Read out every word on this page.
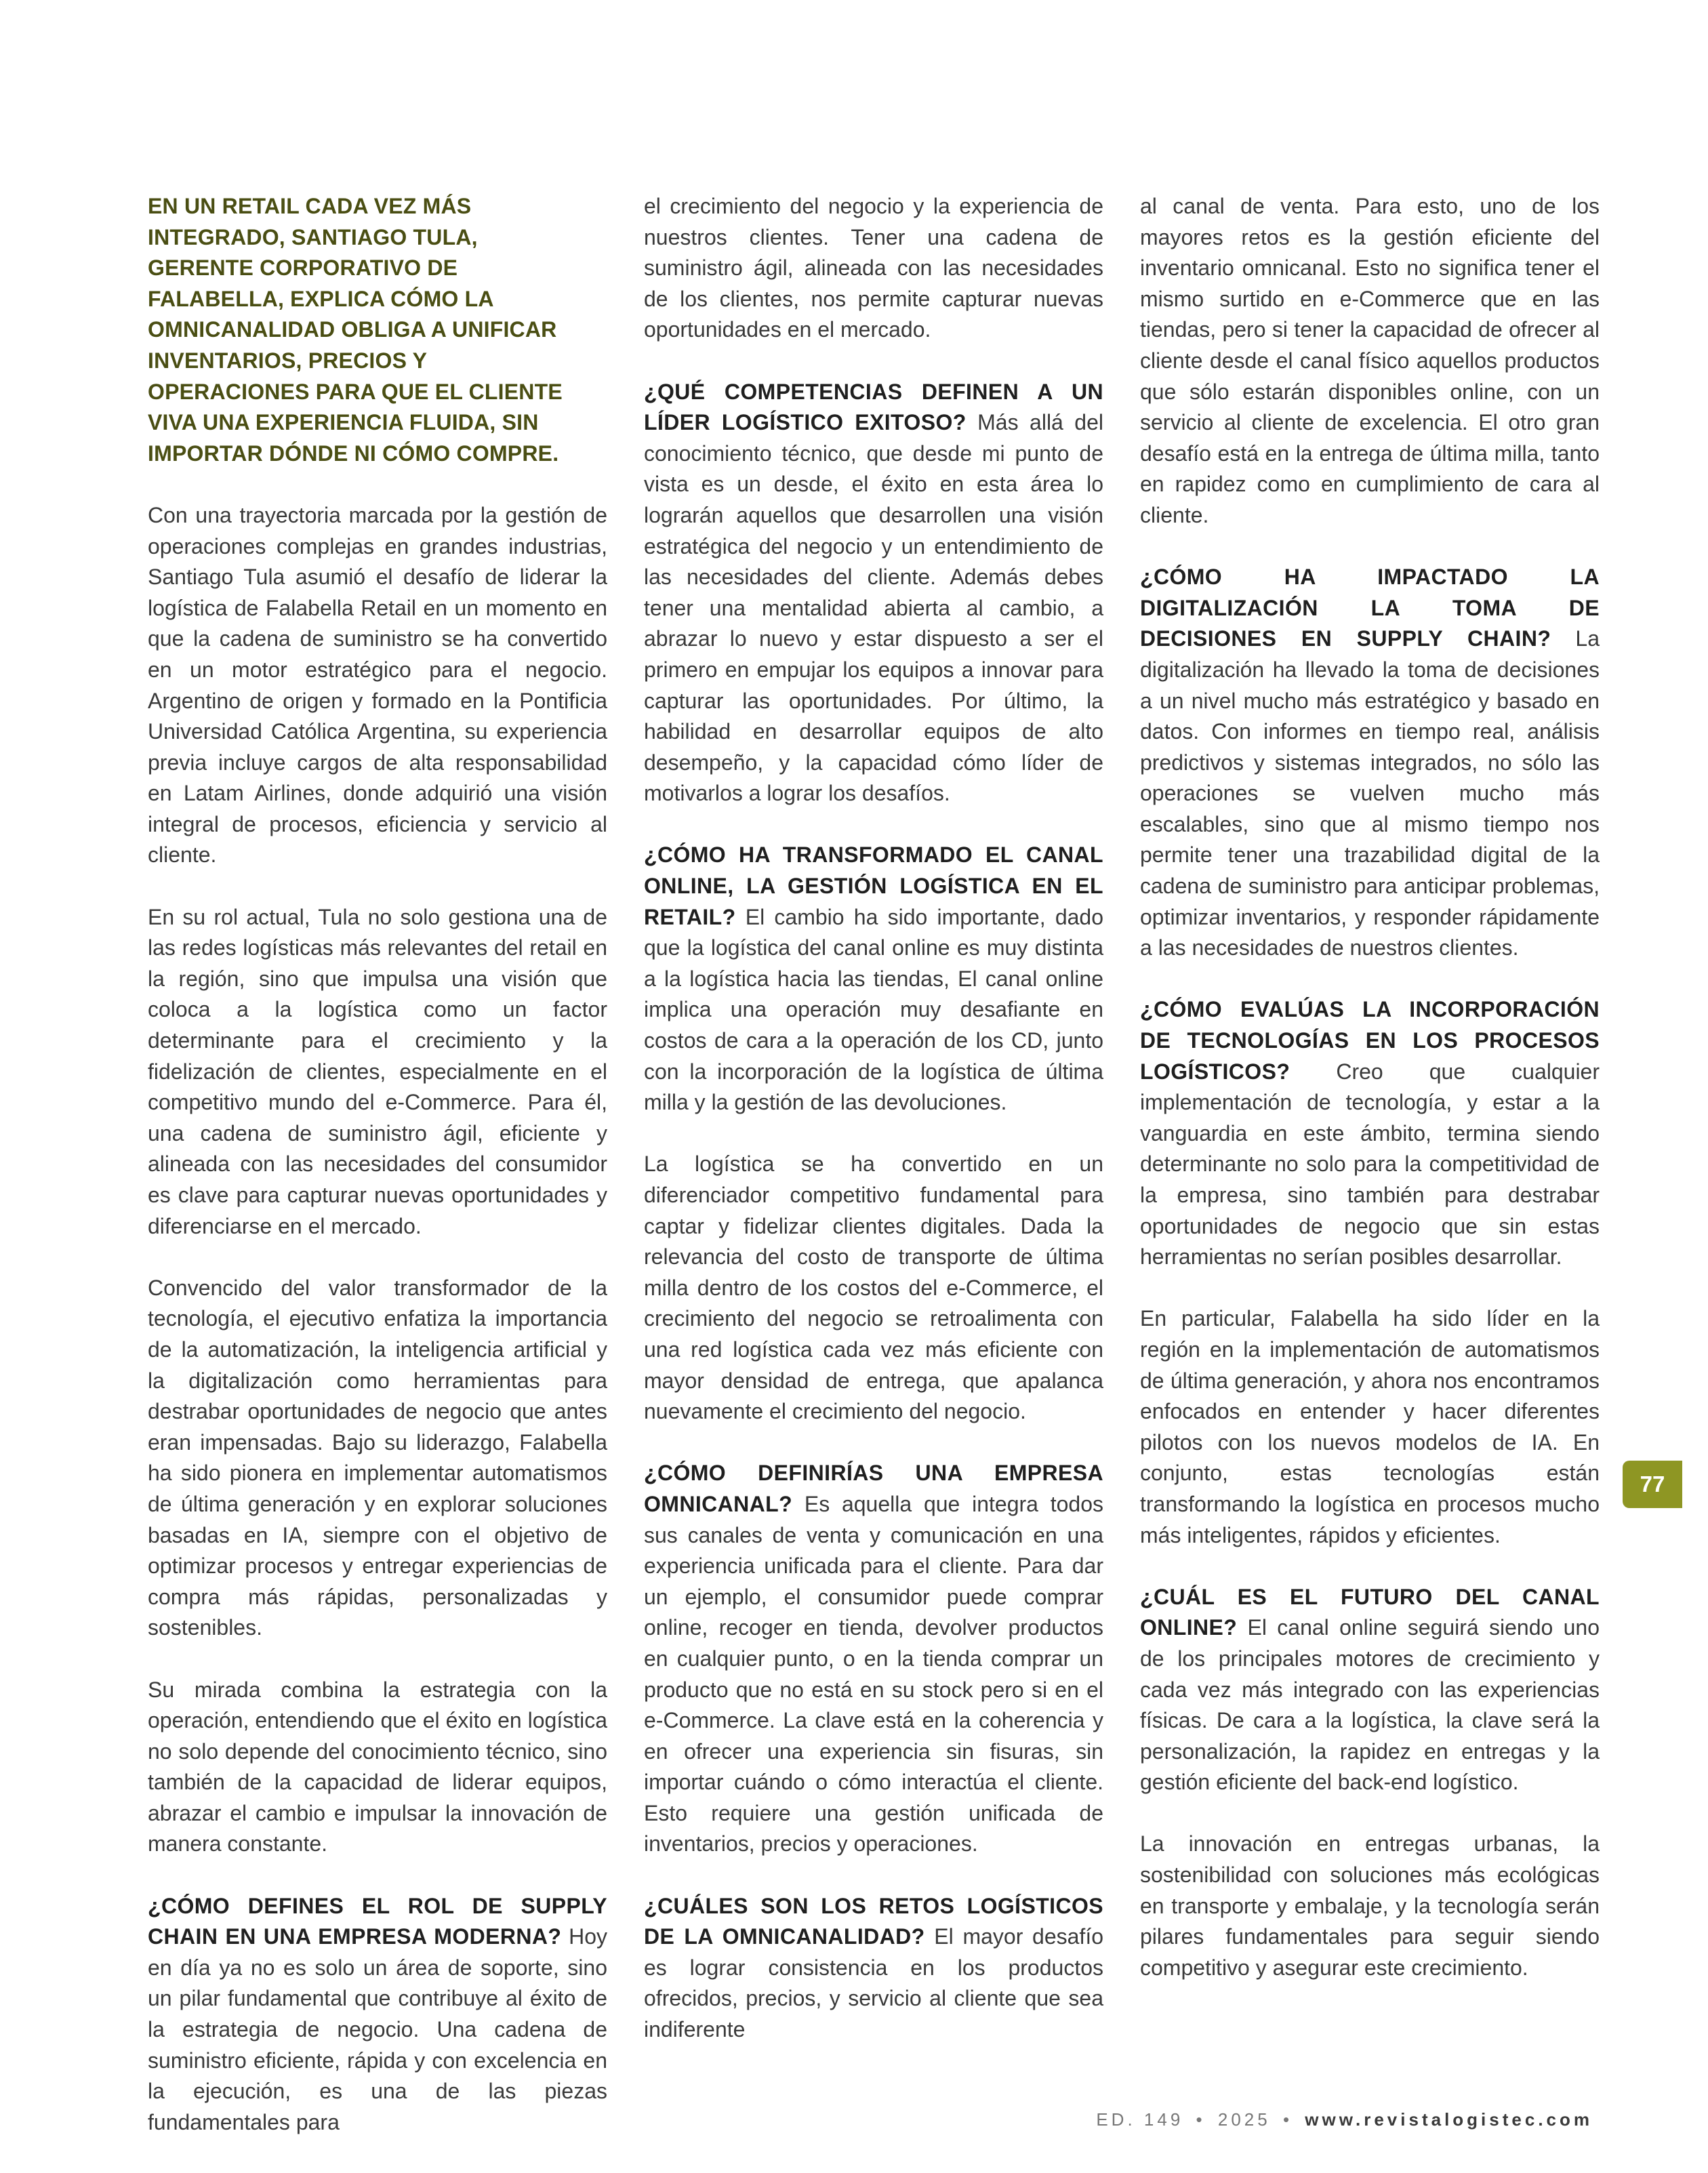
EN UN RETAIL CADA VEZ MÁS INTEGRADO, SANTIAGO TULA, GERENTE CORPORATIVO DE FALABELLA, EXPLICA CÓMO LA OMNICANALIDAD OBLIGA A UNIFICAR INVENTARIOS, PRECIOS Y OPERACIONES PARA QUE EL CLIENTE VIVA UNA EXPERIENCIA FLUIDA, SIN IMPORTAR DÓNDE NI CÓMO COMPRE.

Con una trayectoria marcada por la gestión de operaciones complejas en grandes industrias, Santiago Tula asumió el desafío de liderar la logística de Falabella Retail en un momento en que la cadena de suministro se ha convertido en un motor estratégico para el negocio. Argentino de origen y formado en la Pontificia Universidad Católica Argentina, su experiencia previa incluye cargos de alta responsabilidad en Latam Airlines, donde adquirió una visión integral de procesos, eficiencia y servicio al cliente.

En su rol actual, Tula no solo gestiona una de las redes logísticas más relevantes del retail en la región, sino que impulsa una visión que coloca a la logística como un factor determinante para el crecimiento y la fidelización de clientes, especialmente en el competitivo mundo del e-Commerce. Para él, una cadena de suministro ágil, eficiente y alineada con las necesidades del consumidor es clave para capturar nuevas oportunidades y diferenciarse en el mercado.

Convencido del valor transformador de la tecnología, el ejecutivo enfatiza la importancia de la automatización, la inteligencia artificial y la digitalización como herramientas para destrabar oportunidades de negocio que antes eran impensadas. Bajo su liderazgo, Falabella ha sido pionera en implementar automatismos de última generación y en explorar soluciones basadas en IA, siempre con el objetivo de optimizar procesos y entregar experiencias de compra más rápidas, personalizadas y sostenibles.

Su mirada combina la estrategia con la operación, entendiendo que el éxito en logística no solo depende del conocimiento técnico, sino también de la capacidad de liderar equipos, abrazar el cambio e impulsar la innovación de manera constante.

¿CÓMO DEFINES EL ROL DE SUPPLY CHAIN EN UNA EMPRESA MODERNA? Hoy en día ya no es solo un área de soporte, sino un pilar fundamental que contribuye al éxito de la estrategia de negocio. Una cadena de suministro eficiente, rápida y con excelencia en la ejecución, es una de las piezas fundamentales para

el crecimiento del negocio y la experiencia de nuestros clientes. Tener una cadena de suministro ágil, alineada con las necesidades de los clientes, nos permite capturar nuevas oportunidades en el mercado.

¿QUÉ COMPETENCIAS DEFINEN A UN LÍDER LOGÍSTICO EXITOSO? Más allá del conocimiento técnico, que desde mi punto de vista es un desde, el éxito en esta área lo lograrán aquellos que desarrollen una visión estratégica del negocio y un entendimiento de las necesidades del cliente. Además debes tener una mentalidad abierta al cambio, a abrazar lo nuevo y estar dispuesto a ser el primero en empujar los equipos a innovar para capturar las oportunidades. Por último, la habilidad en desarrollar equipos de alto desempeño, y la capacidad cómo líder de motivarlos a lograr los desafíos.

¿CÓMO HA TRANSFORMADO EL CANAL ONLINE, LA GESTIÓN LOGÍSTICA EN EL RETAIL? El cambio ha sido importante, dado que la logística del canal online es muy distinta a la logística hacia las tiendas, El canal online implica una operación muy desafiante en costos de cara a la operación de los CD, junto con la incorporación de la logística de última milla y la gestión de las devoluciones.

La logística se ha convertido en un diferenciador competitivo fundamental para captar y fidelizar clientes digitales. Dada la relevancia del costo de transporte de última milla dentro de los costos del e-Commerce, el crecimiento del negocio se retroalimenta con una red logística cada vez más eficiente con mayor densidad de entrega, que apalanca nuevamente el crecimiento del negocio.

¿CÓMO DEFINIRÍAS UNA EMPRESA OMNICANAL? Es aquella que integra todos sus canales de venta y comunicación en una experiencia unificada para el cliente. Para dar un ejemplo, el consumidor puede comprar online, recoger en tienda, devolver productos en cualquier punto, o en la tienda comprar un producto que no está en su stock pero si en el e-Commerce. La clave está en la coherencia y en ofrecer una experiencia sin fisuras, sin importar cuándo o cómo interactúa el cliente. Esto requiere una gestión unificada de inventarios, precios y operaciones.

¿CUÁLES SON LOS RETOS LOGÍSTICOS DE LA OMNICANALIDAD? El mayor desafío es lograr consistencia en los productos ofrecidos, precios, y servicio al cliente que sea indiferente

al canal de venta. Para esto, uno de los mayores retos es la gestión eficiente del inventario omnicanal. Esto no significa tener el mismo surtido en e-Commerce que en las tiendas, pero si tener la capacidad de ofrecer al cliente desde el canal físico aquellos productos que sólo estarán disponibles online, con un servicio al cliente de excelencia. El otro gran desafío está en la entrega de última milla, tanto en rapidez como en cumplimiento de cara al cliente.

¿CÓMO HA IMPACTADO LA DIGITALIZACIÓN LA TOMA DE DECISIONES EN SUPPLY CHAIN? La digitalización ha llevado la toma de decisiones a un nivel mucho más estratégico y basado en datos. Con informes en tiempo real, análisis predictivos y sistemas integrados, no sólo las operaciones se vuelven mucho más escalables, sino que al mismo tiempo nos permite tener una trazabilidad digital de la cadena de suministro para anticipar problemas, optimizar inventarios, y responder rápidamente a las necesidades de nuestros clientes.

¿CÓMO EVALÚAS LA INCORPORACIÓN DE TECNOLOGÍAS EN LOS PROCESOS LOGÍSTICOS? Creo que cualquier implementación de tecnología, y estar a la vanguardia en este ámbito, termina siendo determinante no solo para la competitividad de la empresa, sino también para destrabar oportunidades de negocio que sin estas herramientas no serían posibles desarrollar.

En particular, Falabella ha sido líder en la región en la implementación de automatismos de última generación, y ahora nos encontramos enfocados en entender y hacer diferentes pilotos con los nuevos modelos de IA. En conjunto, estas tecnologías están transformando la logística en procesos mucho más inteligentes, rápidos y eficientes.

¿CUÁL ES EL FUTURO DEL CANAL ONLINE? El canal online seguirá siendo uno de los principales motores de crecimiento y cada vez más integrado con las experiencias físicas. De cara a la logística, la clave será la personalización, la rapidez en entregas y la gestión eficiente del back-end logístico.

La innovación en entregas urbanas, la sostenibilidad con soluciones más ecológicas en transporte y embalaje, y la tecnología serán pilares fundamentales para seguir siendo competitivo y asegurar este crecimiento.

77
ED. 149 • 2025 • www.revistalogistec.com
